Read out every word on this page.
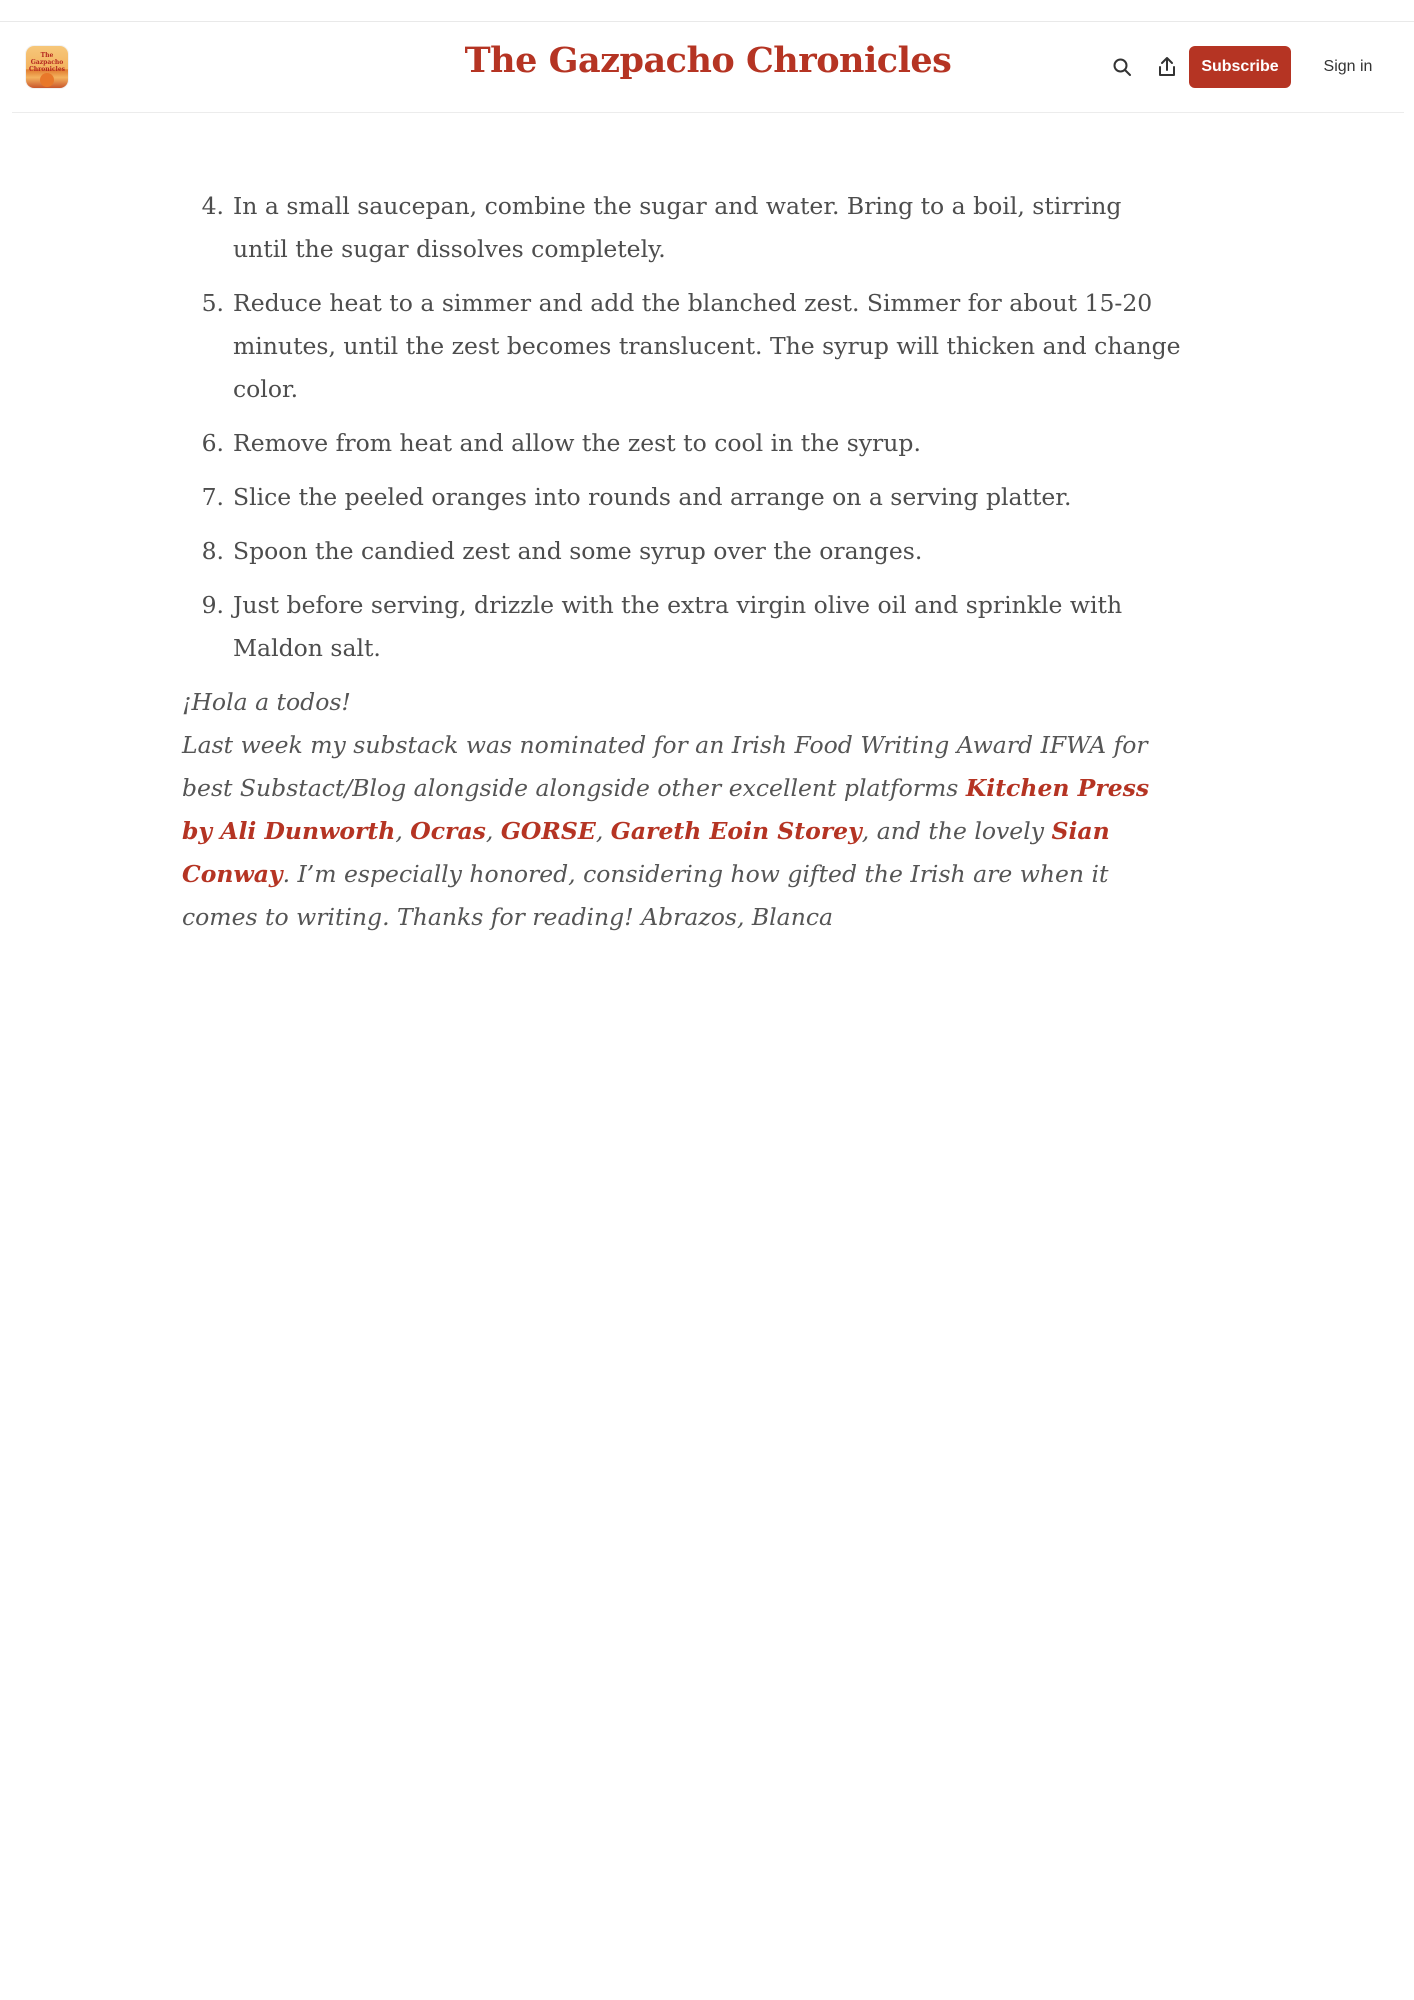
The Gazpacho Chronicles	The Gazpacho Chronicles	Subscribe	Sign in
4. In a small saucepan, combine the sugar and water. Bring to a boil, stirring until the sugar dissolves completely.
5. Reduce heat to a simmer and add the blanched zest. Simmer for about 15-20 minutes, until the zest becomes translucent. The syrup will thicken and change color.
6. Remove from heat and allow the zest to cool in the syrup.
7. Slice the peeled oranges into rounds and arrange on a serving platter.
8. Spoon the candied zest and some syrup over the oranges.
9. Just before serving, drizzle with the extra virgin olive oil and sprinkle with Maldon salt.

¡Hola a todos!

Last week my substack was nominated for an Irish Food Writing Award IFWA for best Substact/Blog alongside alongside other excellent platforms Kitchen Press by Ali Dunworth, Ocras, GORSE, Gareth Eoin Storey, and the lovely Sian Conway. I’m especially honored, considering how gifted the Irish are when it comes to writing. Thanks for reading! Abrazos, Blanca
